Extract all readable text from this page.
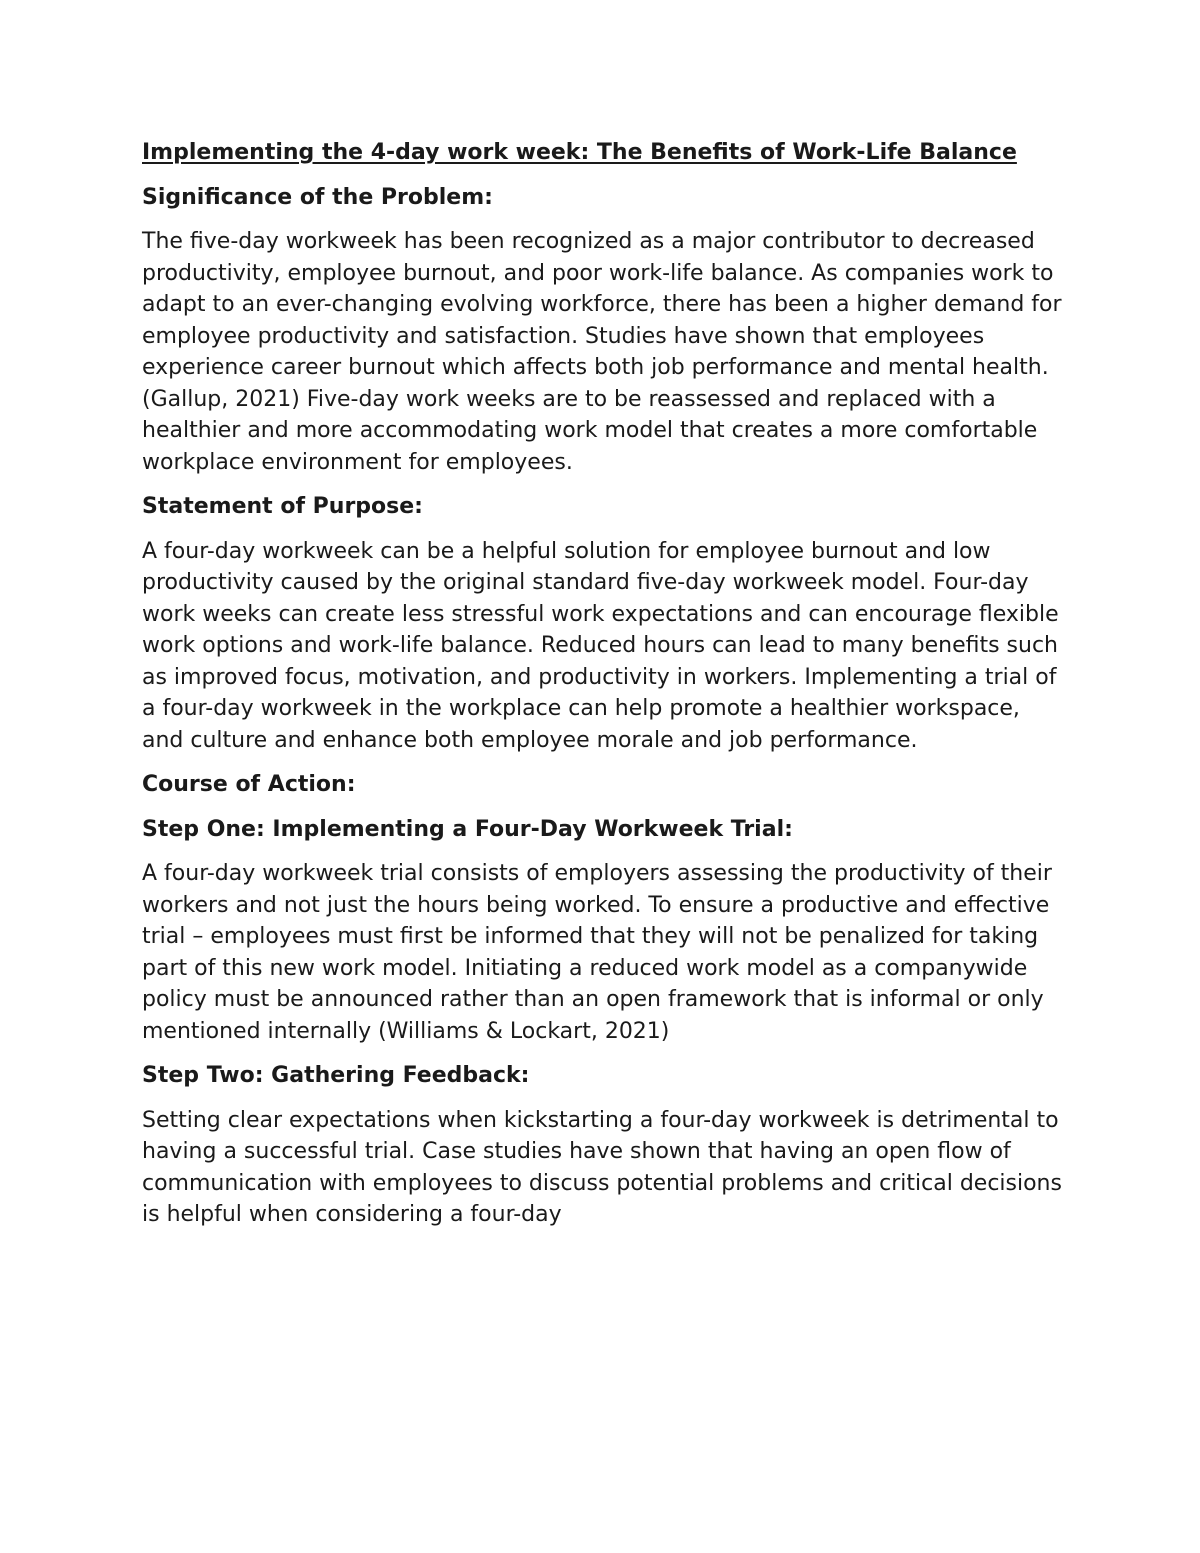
Implementing the 4-day work week: The Benefits of Work-Life Balance

Significance of the Problem:

The five-day workweek has been recognized as a major contributor to decreased productivity, employee burnout, and poor work-life balance. As companies work to adapt to an ever-changing evolving workforce, there has been a higher demand for employee productivity and satisfaction. Studies have shown that employees experience career burnout which affects both job performance and mental health. (Gallup, 2021) Five-day work weeks are to be reassessed and replaced with a healthier and more accommodating work model that creates a more comfortable workplace environment for employees.

Statement of Purpose:

A four-day workweek can be a helpful solution for employee burnout and low productivity caused by the original standard five-day workweek model. Four-day work weeks can create less stressful work expectations and can encourage flexible work options and work-life balance. Reduced hours can lead to many benefits such as improved focus, motivation, and productivity in workers. Implementing a trial of a four-day workweek in the workplace can help promote a healthier workspace, and culture and enhance both employee morale and job performance.

Course of Action:

Step One: Implementing a Four-Day Workweek Trial:

A four-day workweek trial consists of employers assessing the productivity of their workers and not just the hours being worked. To ensure a productive and effective trial – employees must first be informed that they will not be penalized for taking part of this new work model. Initiating a reduced work model as a companywide policy must be announced rather than an open framework that is informal or only mentioned internally (Williams & Lockart, 2021)

Step Two: Gathering Feedback:

Setting clear expectations when kickstarting a four-day workweek is detrimental to having a successful trial. Case studies have shown that having an open flow of communication with employees to discuss potential problems and critical decisions is helpful when considering a four-day
